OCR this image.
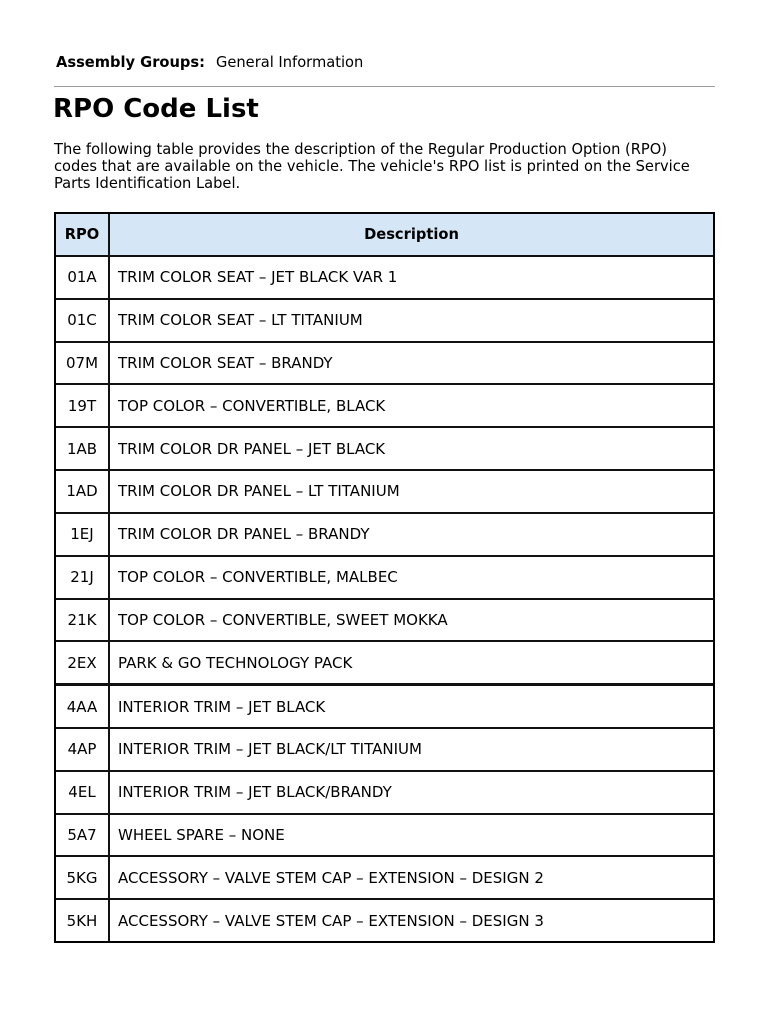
Assembly Groups: General Information
RPO Code List

The following table provides the description of the Regular Production Option (RPO) codes that are available on the vehicle. The vehicle's RPO list is printed on the Service Parts Identification Label.

RPO	Description
01A	TRIM COLOR SEAT – JET BLACK VAR 1
01C	TRIM COLOR SEAT – LT TITANIUM
07M	TRIM COLOR SEAT – BRANDY
19T	TOP COLOR – CONVERTIBLE, BLACK
1AB	TRIM COLOR DR PANEL – JET BLACK
1AD	TRIM COLOR DR PANEL – LT TITANIUM
1EJ	TRIM COLOR DR PANEL – BRANDY
21J	TOP COLOR – CONVERTIBLE, MALBEC
21K	TOP COLOR – CONVERTIBLE, SWEET MOKKA
2EX	PARK & GO TECHNOLOGY PACK
4AA	INTERIOR TRIM – JET BLACK
4AP	INTERIOR TRIM – JET BLACK/LT TITANIUM
4EL	INTERIOR TRIM – JET BLACK/BRANDY
5A7	WHEEL SPARE – NONE
5KG	ACCESSORY – VALVE STEM CAP – EXTENSION – DESIGN 2
5KH	ACCESSORY – VALVE STEM CAP – EXTENSION – DESIGN 3
